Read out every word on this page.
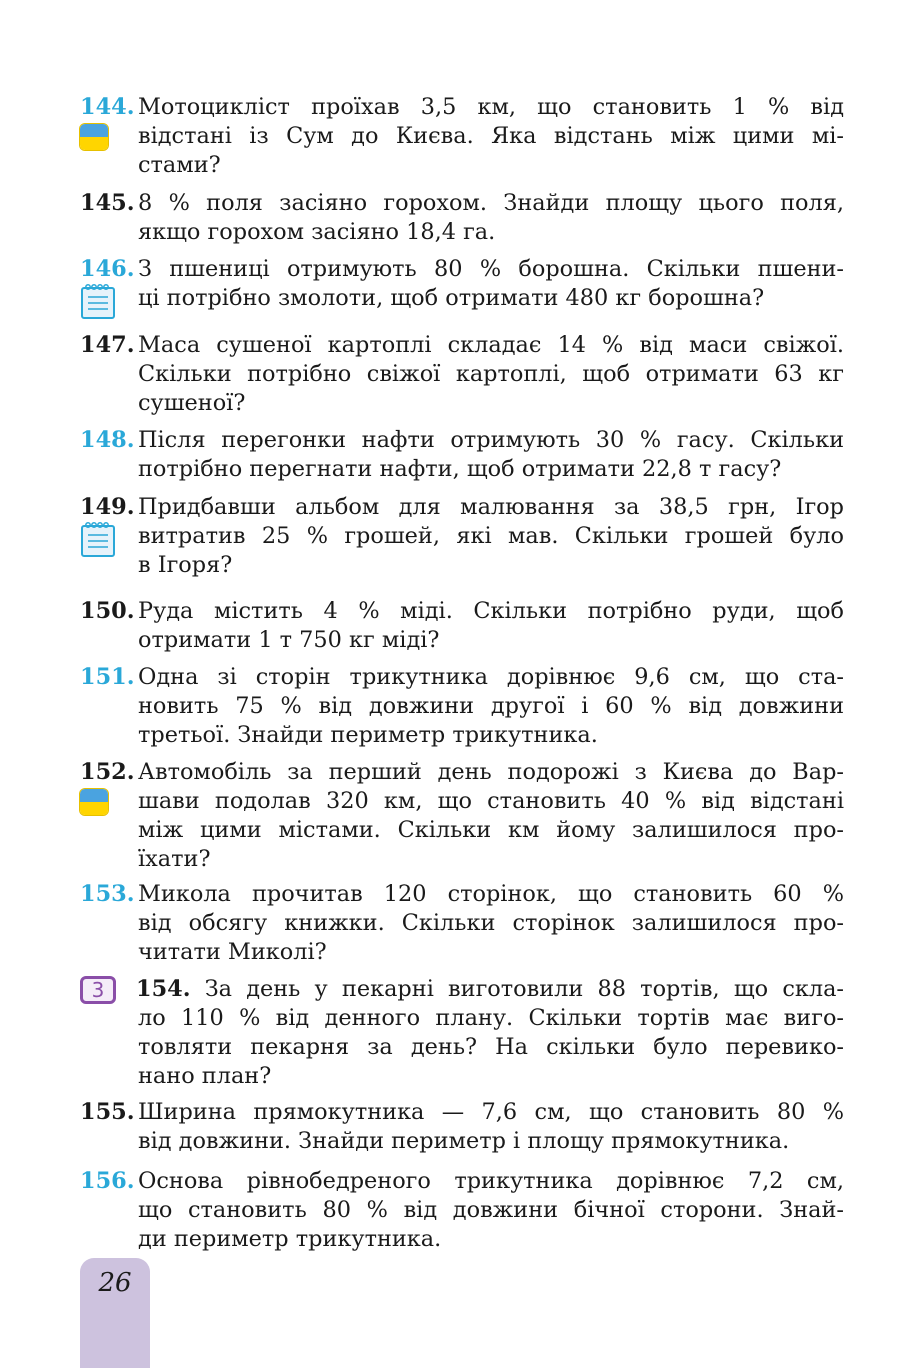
144. Мотоцикліст проїхав 3,5 км, що становить 1 % від
відстані із Сум до Києва. Яка відстань між цими мі-
стами?
145. 8 % поля засіяно горохом. Знайди площу цього поля,
якщо горохом засіяно 18,4 га.
146. З пшениці отримують 80 % борошна. Скільки пшени-
ці потрібно змолоти, щоб отримати 480 кг борошна?
147. Маса сушеної картоплі складає 14 % від маси свіжої.
Скільки потрібно свіжої картоплі, щоб отримати 63 кг
сушеної?
148. Після перегонки нафти отримують 30 % гасу. Скільки
потрібно перегнати нафти, щоб отримати 22,8 т гасу?
149. Придбавши альбом для малювання за 38,5 грн, Ігор
витратив 25 % грошей, які мав. Скільки грошей було
в Ігоря?
150. Руда містить 4 % міді. Скільки потрібно руди, щоб
отримати 1 т 750 кг міді?
151. Одна зі сторін трикутника дорівнює 9,6 см, що ста-
новить 75 % від довжини другої і 60 % від довжини
третьої. Знайди периметр трикутника.
152. Автомобіль за перший день подорожі з Києва до Вар-
шави подолав 320 км, що становить 40 % від відстані
між цими містами. Скільки км йому залишилося про-
їхати?
153. Микола прочитав 120 сторінок, що становить 60 %
від обсягу книжки. Скільки сторінок залишилося про-
читати Миколі?
3	154. За день у пекарні виготовили 88 тортів, що скла-
ло 110 % від денного плану. Скільки тортів має виго-
товляти пекарня за день? На скільки було перевико-
нано план?
155. Ширина прямокутника — 7,6 см, що становить 80 %
від довжини. Знайди периметр і площу прямокутника.
156. Основа рівнобедреного трикутника дорівнює 7,2 см,
що становить 80 % від довжини бічної сторони. Знай-
ди периметр трикутника.
26
